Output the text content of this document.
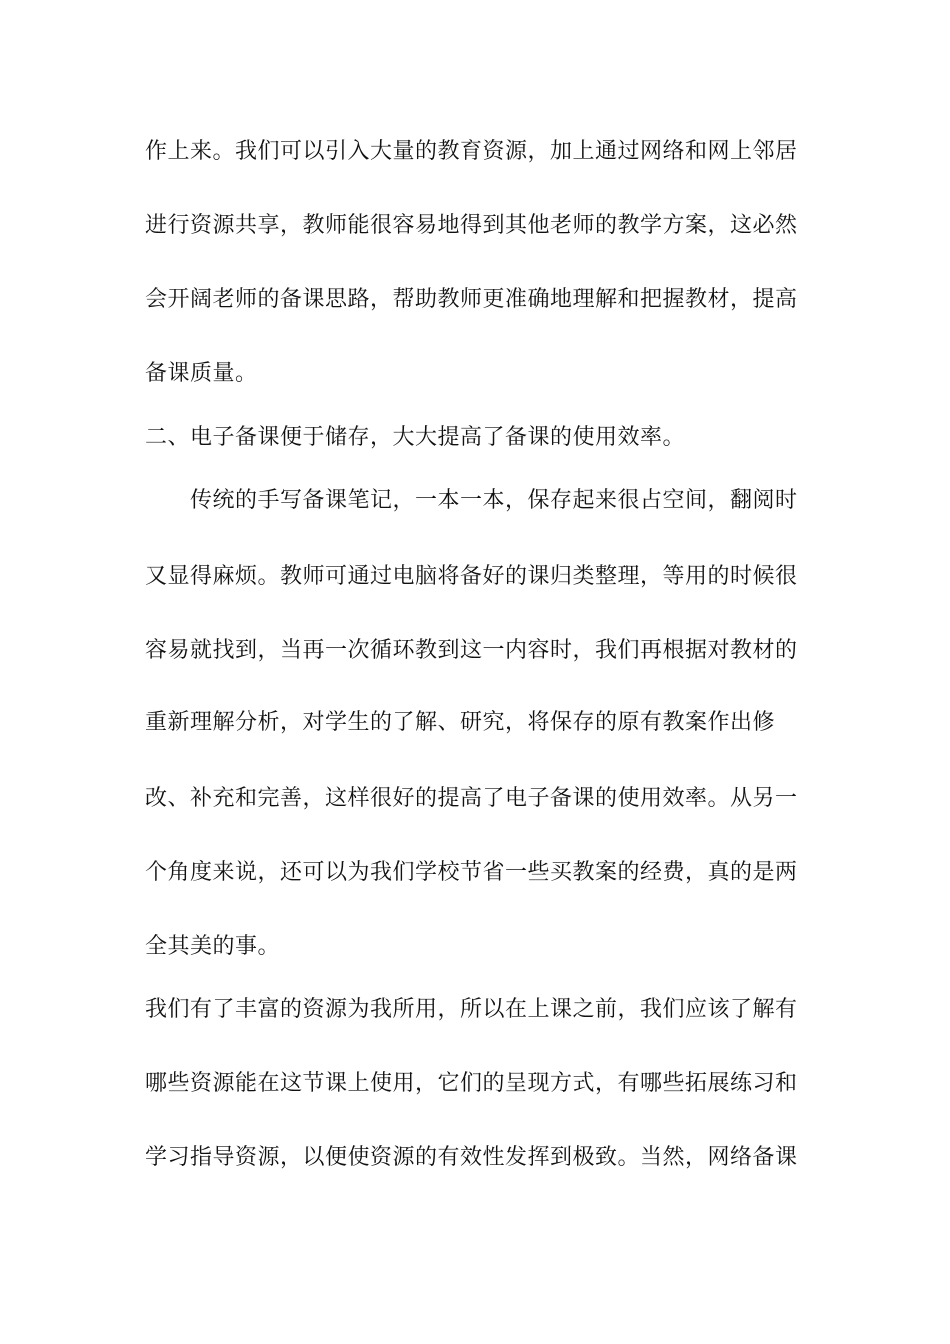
作上来。我们可以引入大量的教育资源，加上通过网络和网上邻居
进行资源共享，教师能很容易地得到其他老师的教学方案，这必然
会开阔老师的备课思路，帮助教师更准确地理解和把握教材，提高
备课质量。
二、电子备课便于储存，大大提高了备课的使用效率。
传统的手写备课笔记，一本一本，保存起来很占空间，翻阅时
又显得麻烦。教师可通过电脑将备好的课归类整理，等用的时候很
容易就找到，当再一次循环教到这一内容时，我们再根据对教材的
重新理解分析，对学生的了解、研究，将保存的原有教案作出修
改、补充和完善，这样很好的提高了电子备课的使用效率。从另一
个角度来说，还可以为我们学校节省一些买教案的经费，真的是两
全其美的事。
我们有了丰富的资源为我所用，所以在上课之前，我们应该了解有
哪些资源能在这节课上使用，它们的呈现方式，有哪些拓展练习和
学习指导资源，以便使资源的有效性发挥到极致。当然，网络备课
